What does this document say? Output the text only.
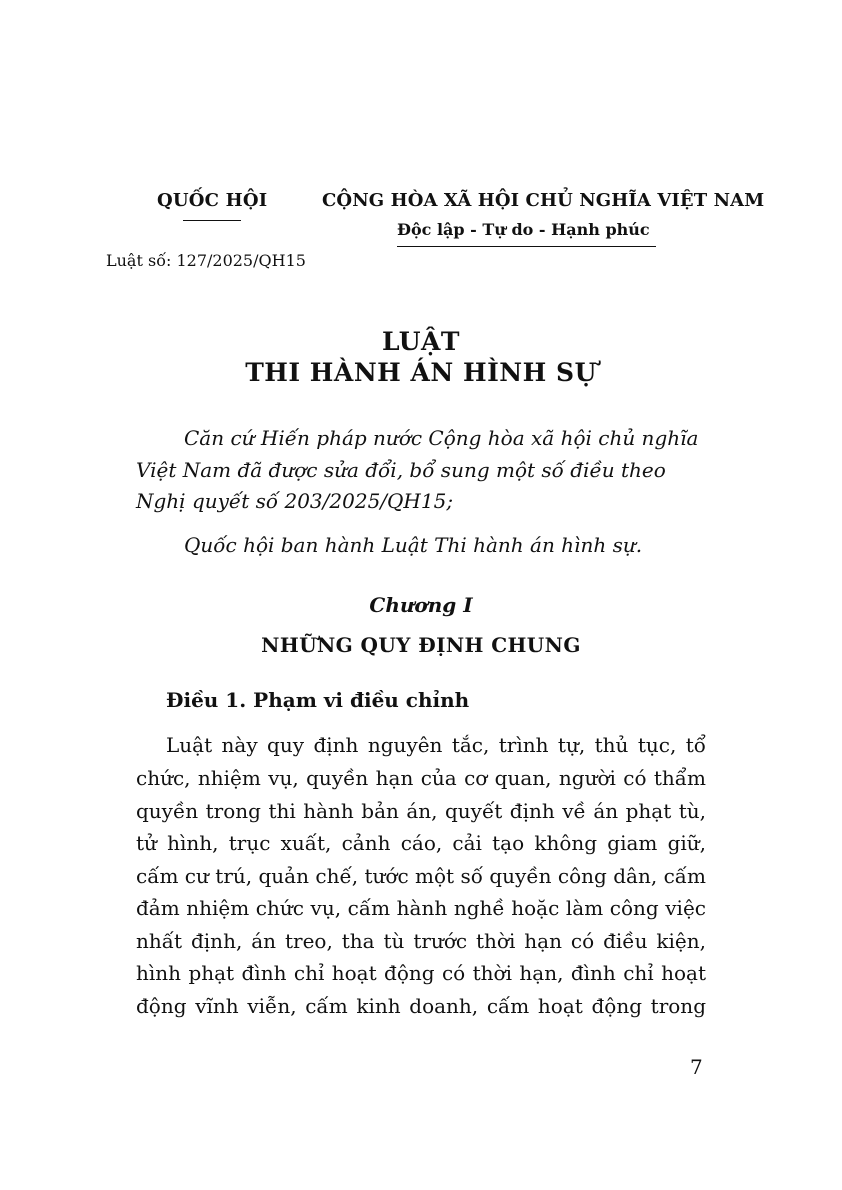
QUỐC HỘI
Luật số: 127/2025/QH15
CỘNG HÒA XÃ HỘI CHỦ NGHĨA VIỆT NAM
Độc lập - Tự do - Hạnh phúc
LUẬT
THI HÀNH ÁN HÌNH SỰ
Căn cứ Hiến pháp nước Cộng hòa xã hội chủ nghĩa
Việt Nam đã được sửa đổi, bổ sung một số điều theo
Nghị quyết số 203/2025/QH15;
Quốc hội ban hành Luật Thi hành án hình sự.
Chương I
NHỮNG QUY ĐỊNH CHUNG
Điều 1. Phạm vi điều chỉnh
Luật này quy định nguyên tắc, trình tự, thủ tục, tổ
chức, nhiệm vụ, quyền hạn của cơ quan, người có thẩm
quyền trong thi hành bản án, quyết định về án phạt tù,
tử hình, trục xuất, cảnh cáo, cải tạo không giam giữ,
cấm cư trú, quản chế, tước một số quyền công dân, cấm
đảm nhiệm chức vụ, cấm hành nghề hoặc làm công việc
nhất định, án treo, tha tù trước thời hạn có điều kiện,
hình phạt đình chỉ hoạt động có thời hạn, đình chỉ hoạt
động vĩnh viễn, cấm kinh doanh, cấm hoạt động trong
7
